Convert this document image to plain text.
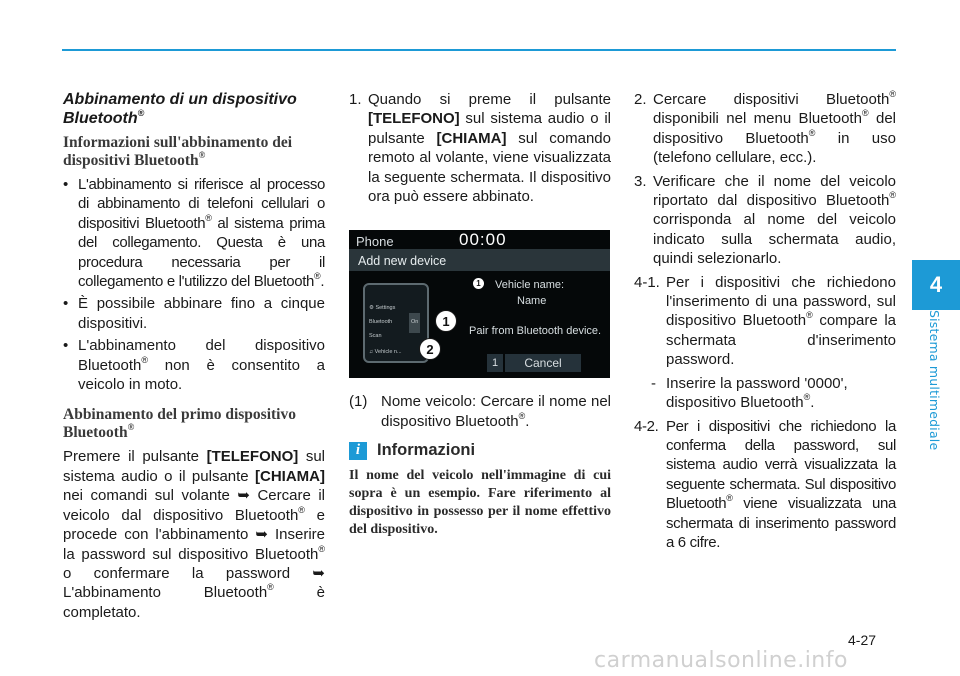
4
Sistema multimediale
Abbinamento di un dispositivo Bluetooth®
Informazioni sull'abbinamento dei dispositivi Bluetooth®
• L'abbinamento si riferisce al processo di abbinamento di telefoni cellulari o dispositivi Bluetooth® al sistema prima del collegamento. Questa è una procedura necessaria per il collegamento e l'utilizzo del Bluetooth®.
• È possibile abbinare fino a cinque dispositivi.
• L'abbinamento del dispositivo Bluetooth® non è consentito a veicolo in moto.
Abbinamento del primo dispositivo Bluetooth®
Premere il pulsante [TELEFONO] sul sistema audio o il pulsante [CHIAMA] nei comandi sul volante ➥ Cercare il veicolo dal dispositivo Bluetooth® e procede con l'abbinamento ➥ Inserire la password sul dispositivo Bluetooth® o confermare la password ➥ L'abbinamento Bluetooth® è completato.
1. Quando si preme il pulsante [TELEFONO] sul sistema audio o il pulsante [CHIAMA] sul comando remoto al volante, viene visualizzata la seguente schermata. Il dispositivo ora può essere abbinato.
Phone	00:00
Add new device
⚙ Settings
Bluetooth	On
Scan
♫ Vehicle n...
1
2
1 Vehicle name:
Name
Pair from Bluetooth device.
1	Cancel
(1) Nome veicolo: Cercare il nome nel dispositivo Bluetooth®.
i	Informazioni
Il nome del veicolo nell'immagine di cui sopra è un esempio. Fare riferimento al dispositivo in possesso per il nome effettivo del dispositivo.
2. Cercare dispositivi Bluetooth® disponibili nel menu Bluetooth® del dispositivo Bluetooth® in uso (telefono cellulare, ecc.).
3. Verificare che il nome del veicolo riportato dal dispositivo Bluetooth® corrisponda al nome del veicolo indicato sulla schermata audio, quindi selezionarlo.
4-1. Per i dispositivi che richiedono l'inserimento di una password, sul dispositivo Bluetooth® compare la schermata d'inserimento password.
- Inserire la password '0000', dispositivo Bluetooth®.
4-2. Per i dispositivi che richiedono la conferma della password, sul sistema audio verrà visualizzata la seguente schermata. Sul dispositivo Bluetooth® viene visualizzata una schermata di inserimento password a 6 cifre.
4-27
carmanualsonline.info
